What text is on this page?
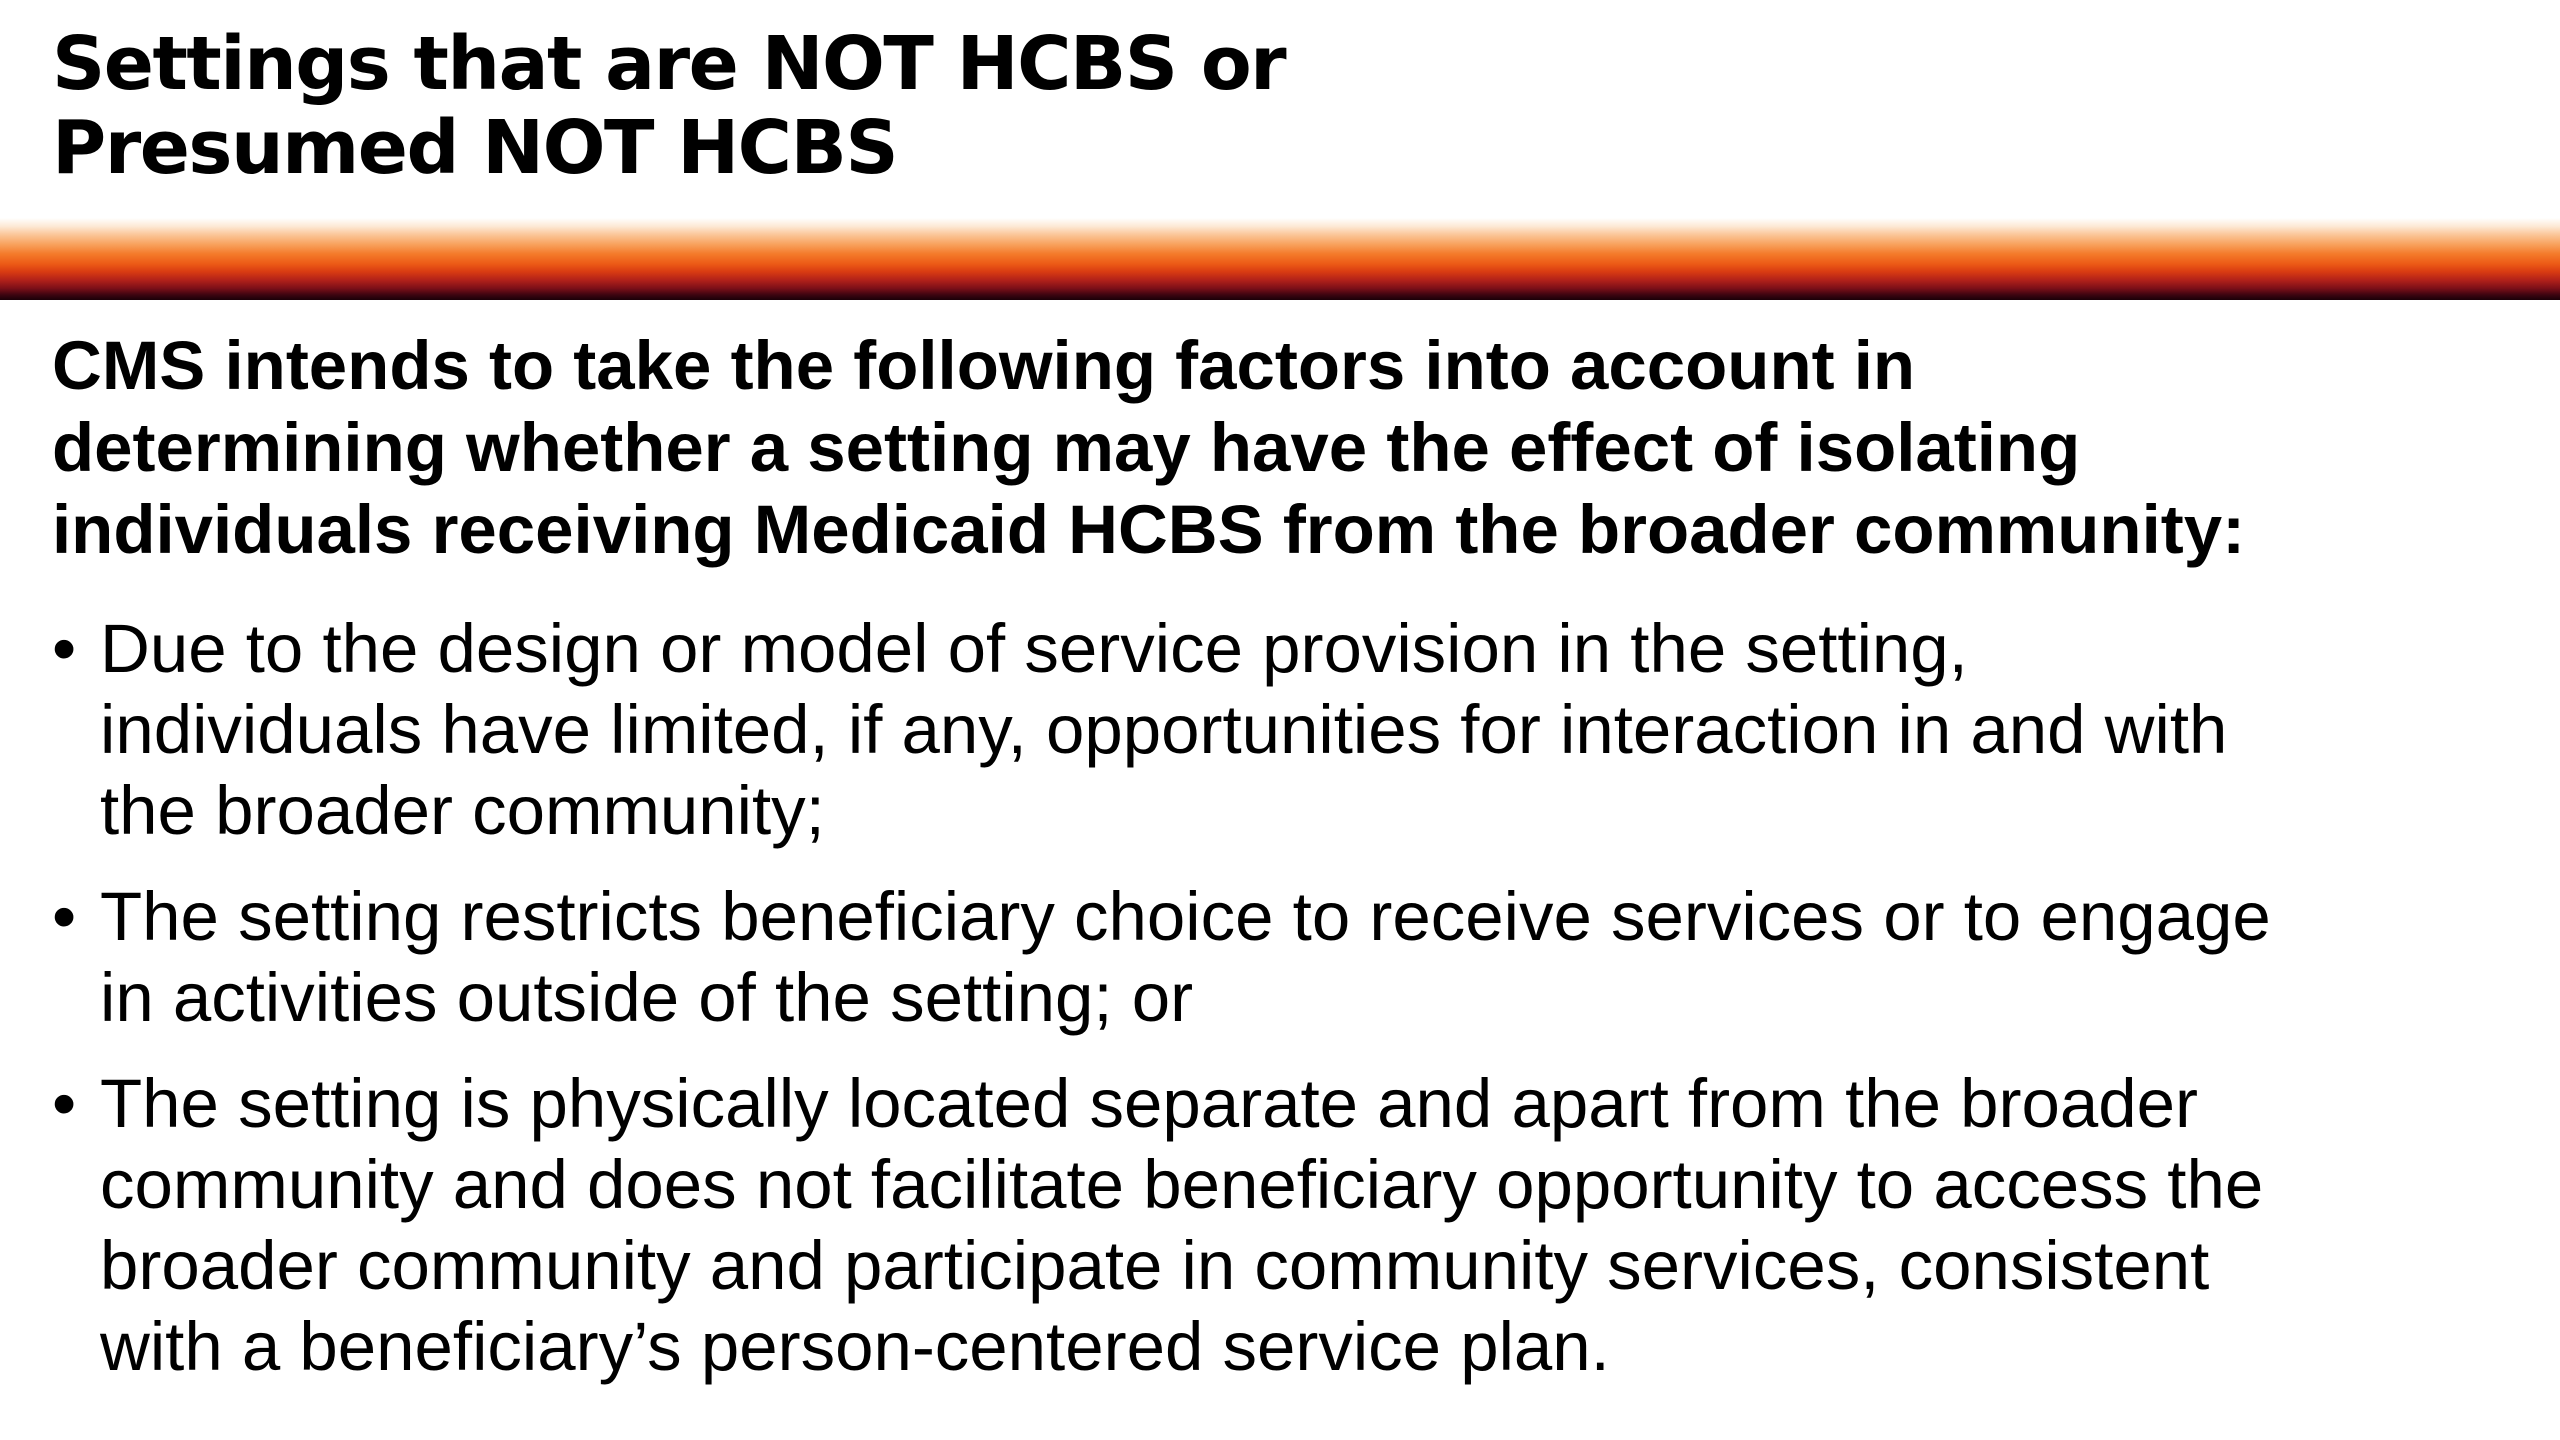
Settings that are NOT HCBS or
Presumed NOT HCBS

CMS intends to take the following factors into account in
determining whether a setting may have the effect of isolating
individuals receiving Medicaid HCBS from the broader community:

• Due to the design or model of service provision in the setting,
individuals have limited, if any, opportunities for interaction in and with
the broader community;
• The setting restricts beneficiary choice to receive services or to engage
in activities outside of the setting; or
• The setting is physically located separate and apart from the broader
community and does not facilitate beneficiary opportunity to access the
broader community and participate in community services, consistent
with a beneficiary’s person-centered service plan.
